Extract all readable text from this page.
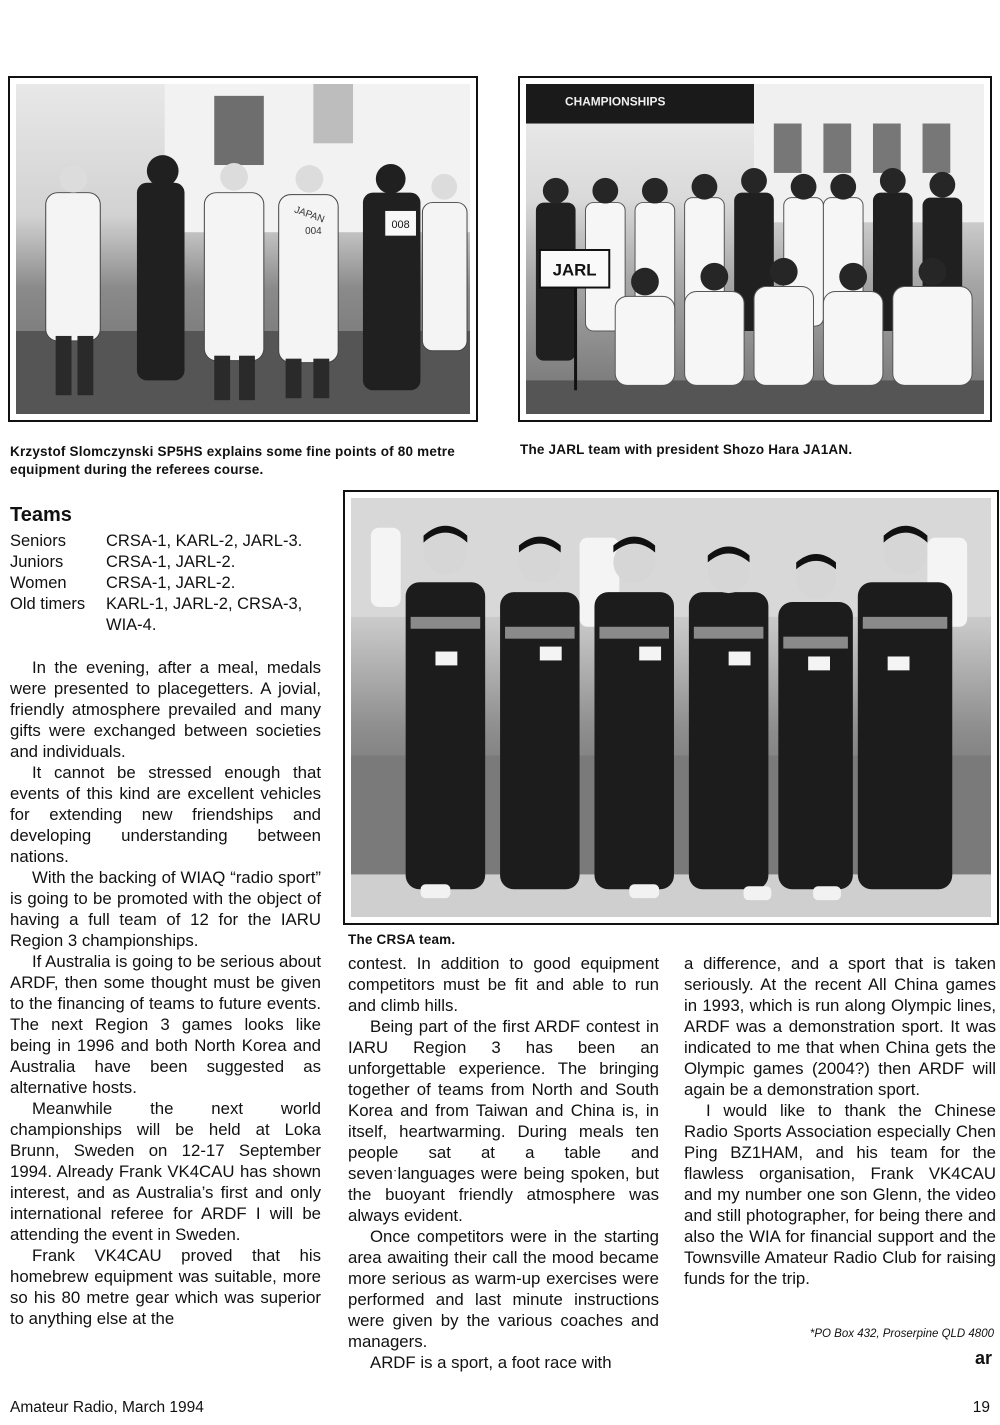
008
JAPAN
004
Krzystof Slomczynski SP5HS explains some fine points of 80 metre equipment during the referees course.
CHAMPIONSHIPS
JARL
The JARL team with president Shozo Hara JA1AN.
The CRSA team.
Teams
Seniors	CRSA-1, KARL-2, JARL-3.
Juniors	CRSA-1, JARL-2.
Women	CRSA-1, JARL-2.
Old timers	KARL-1, JARL-2, CRSA-3,
	WIA-4.

In the evening, after a meal, medals were presented to placegetters. A jovial, friendly atmosphere prevailed and many gifts were exchanged between societies and individuals.

It cannot be stressed enough that events of this kind are excellent vehicles for extending new friendships and developing understanding between nations.

With the backing of WIAQ “radio sport” is going to be promoted with the object of having a full team of 12 for the IARU Region 3 championships.

If Australia is going to be serious about ARDF, then some thought must be given to the financing of teams to future events. The next Region 3 games looks like being in 1996 and both North Korea and Australia have been suggested as alternative hosts.

Meanwhile the next world championships will be held at Loka Brunn, Sweden on 12-17 September 1994. Already Frank VK4CAU has shown interest, and as Australia’s first and only international referee for ARDF I will be attending the event in Sweden.

Frank VK4CAU proved that his homebrew equipment was suitable, more so his 80 metre gear which was superior to anything else at the

contest. In addition to good equipment competitors must be fit and able to run and climb hills.

Being part of the first ARDF contest in IARU Region 3 has been an unforgettable experience. The bringing together of teams from North and South Korea and from Taiwan and China is, in itself, heartwarming. During meals ten people sat at a table and sevenˑlanguages were being spoken, but the buoyant friendly atmosphere was always evident.

Once competitors were in the starting area awaiting their call the mood became more serious as warm-up exercises were performed and last minute instructions were given by the various coaches and managers.

ARDF is a sport, a foot race with

a difference, and a sport that is taken seriously. At the recent All China games in 1993, which is run along Olympic lines, ARDF was a demonstration sport. It was indicated to me that when China gets the Olympic games (2004?) then ARDF will again be a demonstration sport.

I would like to thank the Chinese Radio Sports Association especially Chen Ping BZ1HAM, and his team for the flawless organisation, Frank VK4CAU and my number one son Glenn, the video and still photographer, for being there and also the WIA for financial support and the Townsville Amateur Radio Club for raising funds for the trip.

*PO Box 432, Proserpine QLD 4800
ar
Amateur Radio, March 1994	19
